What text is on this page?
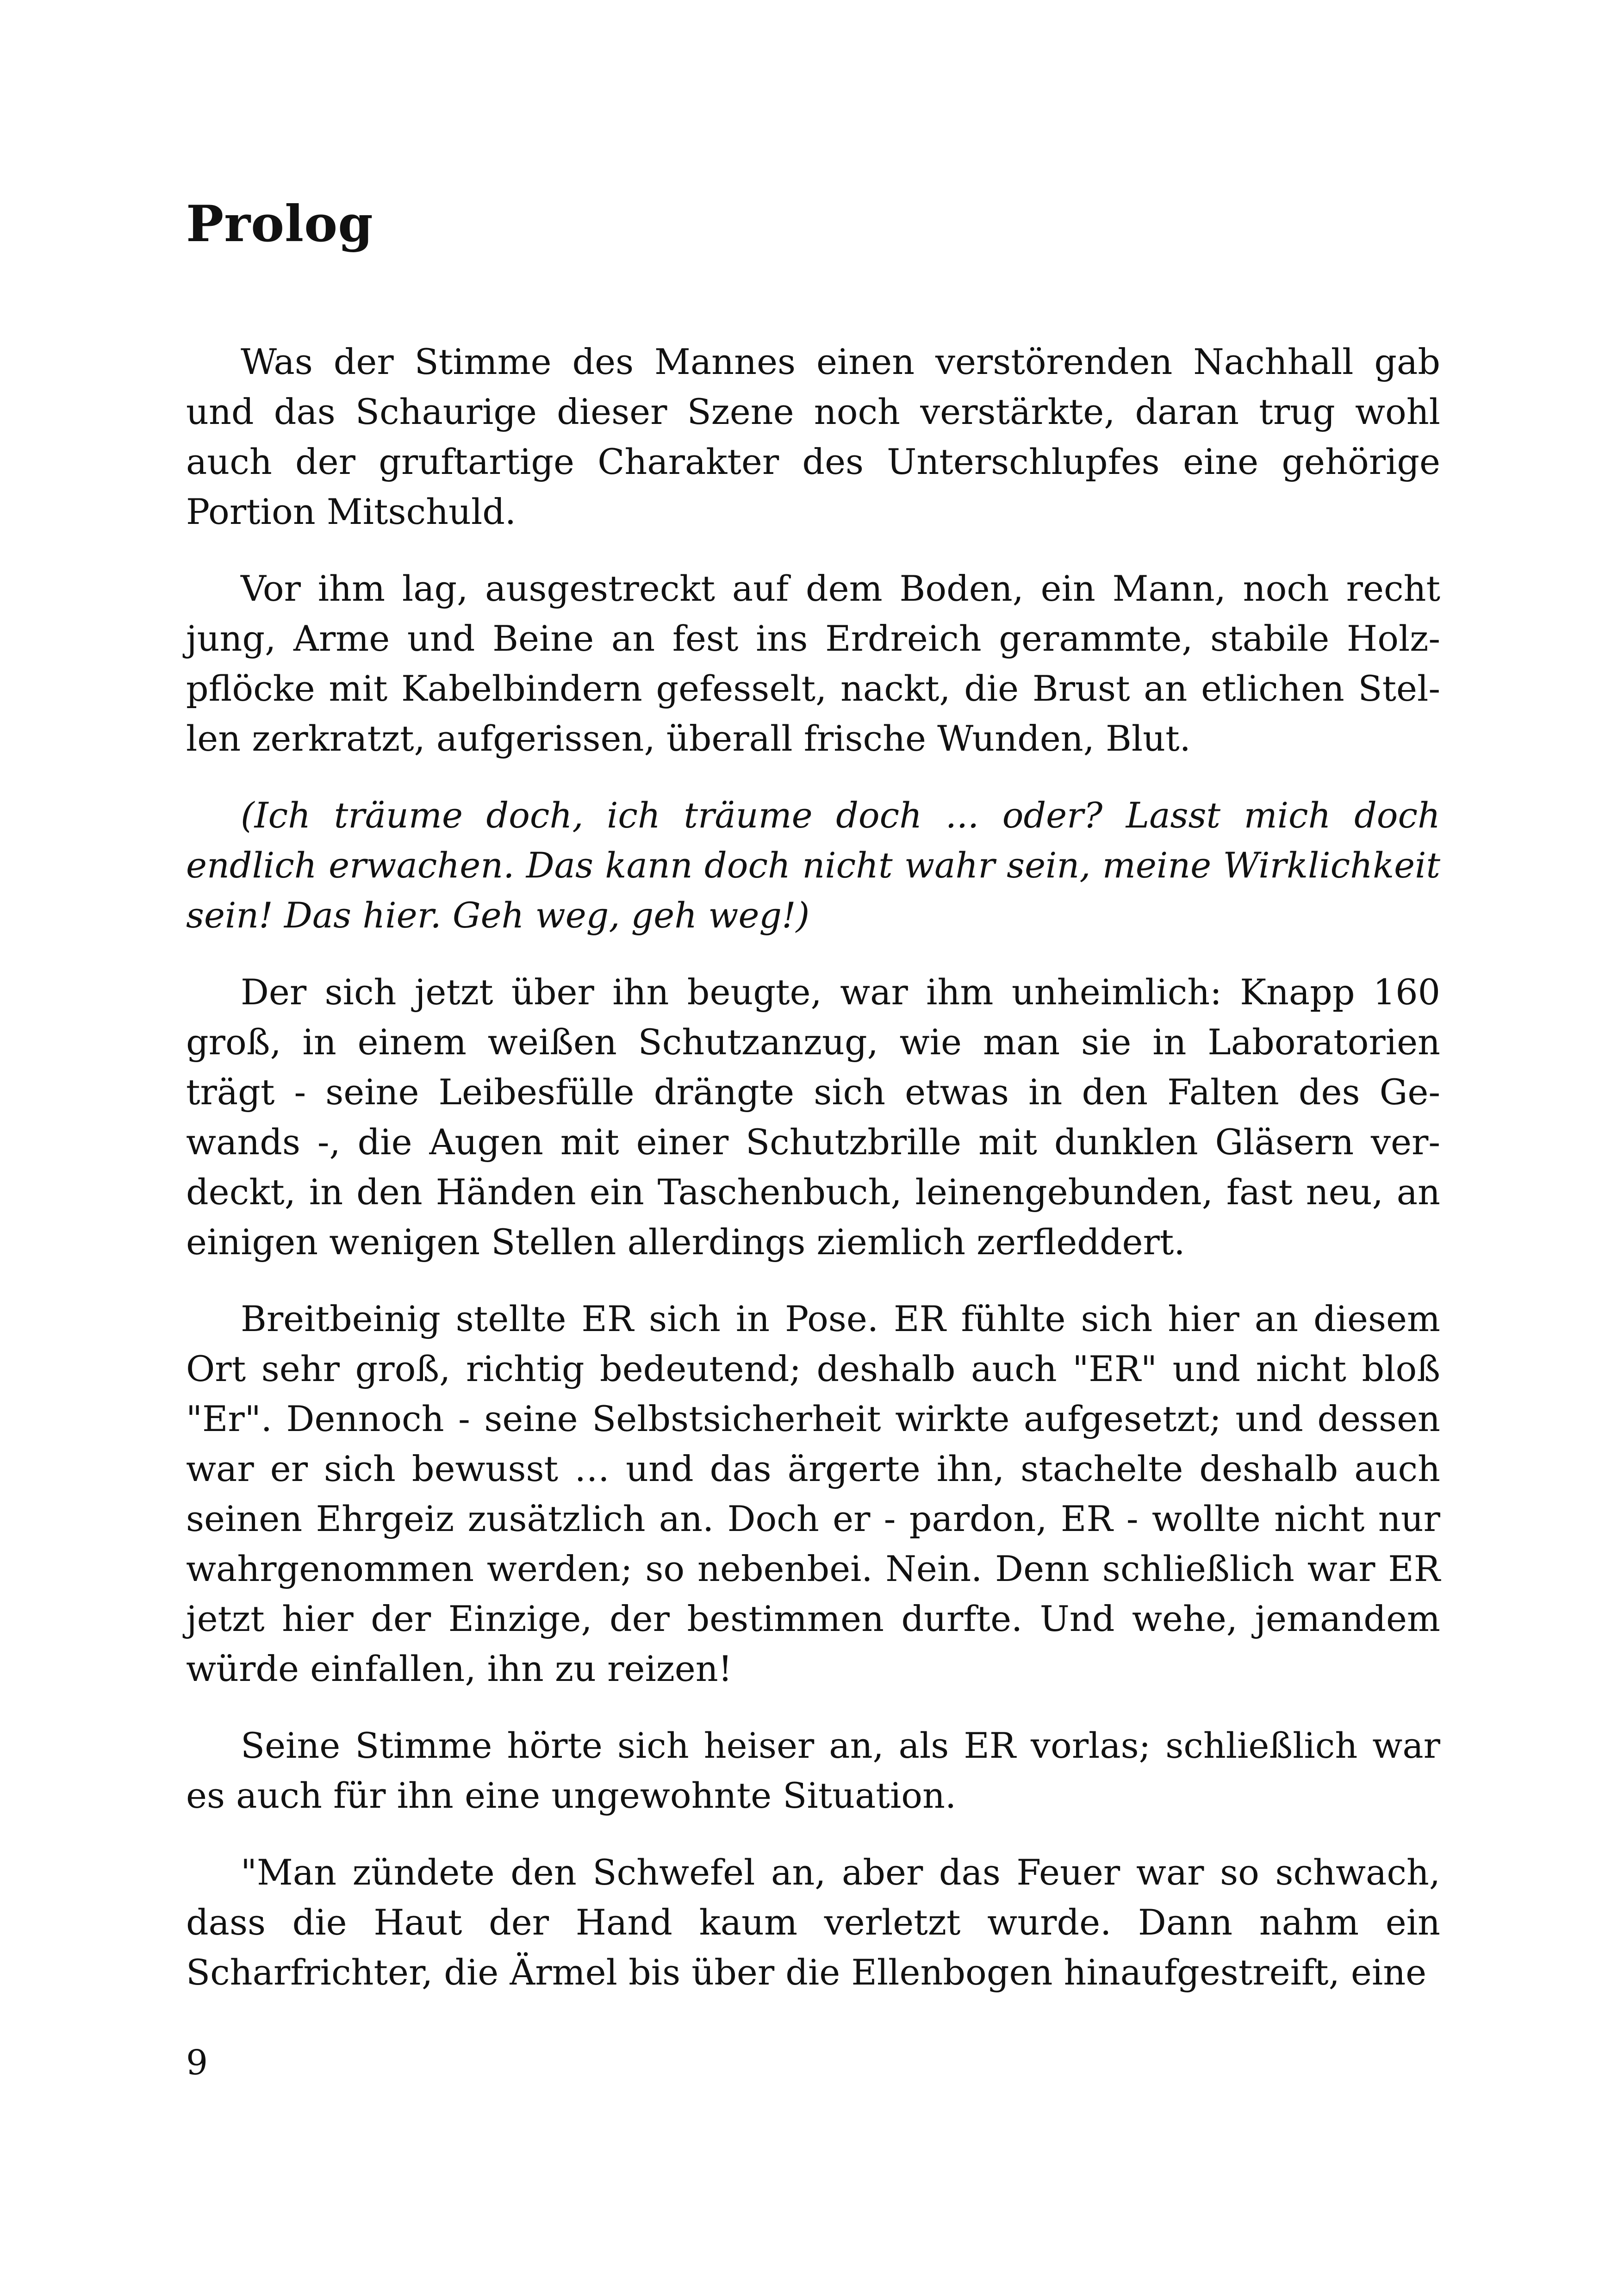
Prolog

Was der Stimme des Mannes einen verstörenden Nachhall gab und das Schaurige dieser Szene noch verstärkte, daran trug wohl auch der gruftartige Charakter des Unterschlupfes eine gehörige Portion Mitschuld.

Vor ihm lag, ausgestreckt auf dem Boden, ein Mann, noch recht jung, Arme und Beine an fest ins Erdreich gerammte, stabile Holzpflöcke mit Kabelbindern gefesselt, nackt, die Brust an etlichen Stellen zerkratzt, aufgerissen, überall frische Wunden, Blut.

(Ich träume doch, ich träume doch ... oder? Lasst mich doch endlich erwachen. Das kann doch nicht wahr sein, meine Wirklichkeit sein! Das hier. Geh weg, geh weg!)

Der sich jetzt über ihn beugte, war ihm unheimlich: Knapp 160 groß, in einem weißen Schutzanzug, wie man sie in Laboratorien trägt - seine Leibesfülle drängte sich etwas in den Falten des Gewands -, die Augen mit einer Schutzbrille mit dunklen Gläsern verdeckt, in den Händen ein Taschenbuch, leinengebunden, fast neu, an einigen wenigen Stellen allerdings ziemlich zerfleddert.

Breitbeinig stellte ER sich in Pose. ER fühlte sich hier an diesem Ort sehr groß, richtig bedeutend; deshalb auch "ER" und nicht bloß "Er". Dennoch - seine Selbstsicherheit wirkte aufgesetzt; und dessen war er sich bewusst … und das ärgerte ihn, stachelte deshalb auch seinen Ehrgeiz zusätzlich an. Doch er - pardon, ER - wollte nicht nur wahrgenommen werden; so nebenbei. Nein. Denn schließlich war ER jetzt hier der Einzige, der bestimmen durfte. Und wehe, jemandem würde einfallen, ihn zu reizen!

Seine Stimme hörte sich heiser an, als ER vorlas; schließlich war es auch für ihn eine ungewohnte Situation.

"Man zündete den Schwefel an, aber das Feuer war so schwach, dass die Haut der Hand kaum verletzt wurde. Dann nahm ein Scharfrichter, die Ärmel bis über die Ellenbogen hinaufgestreift, eine

9
